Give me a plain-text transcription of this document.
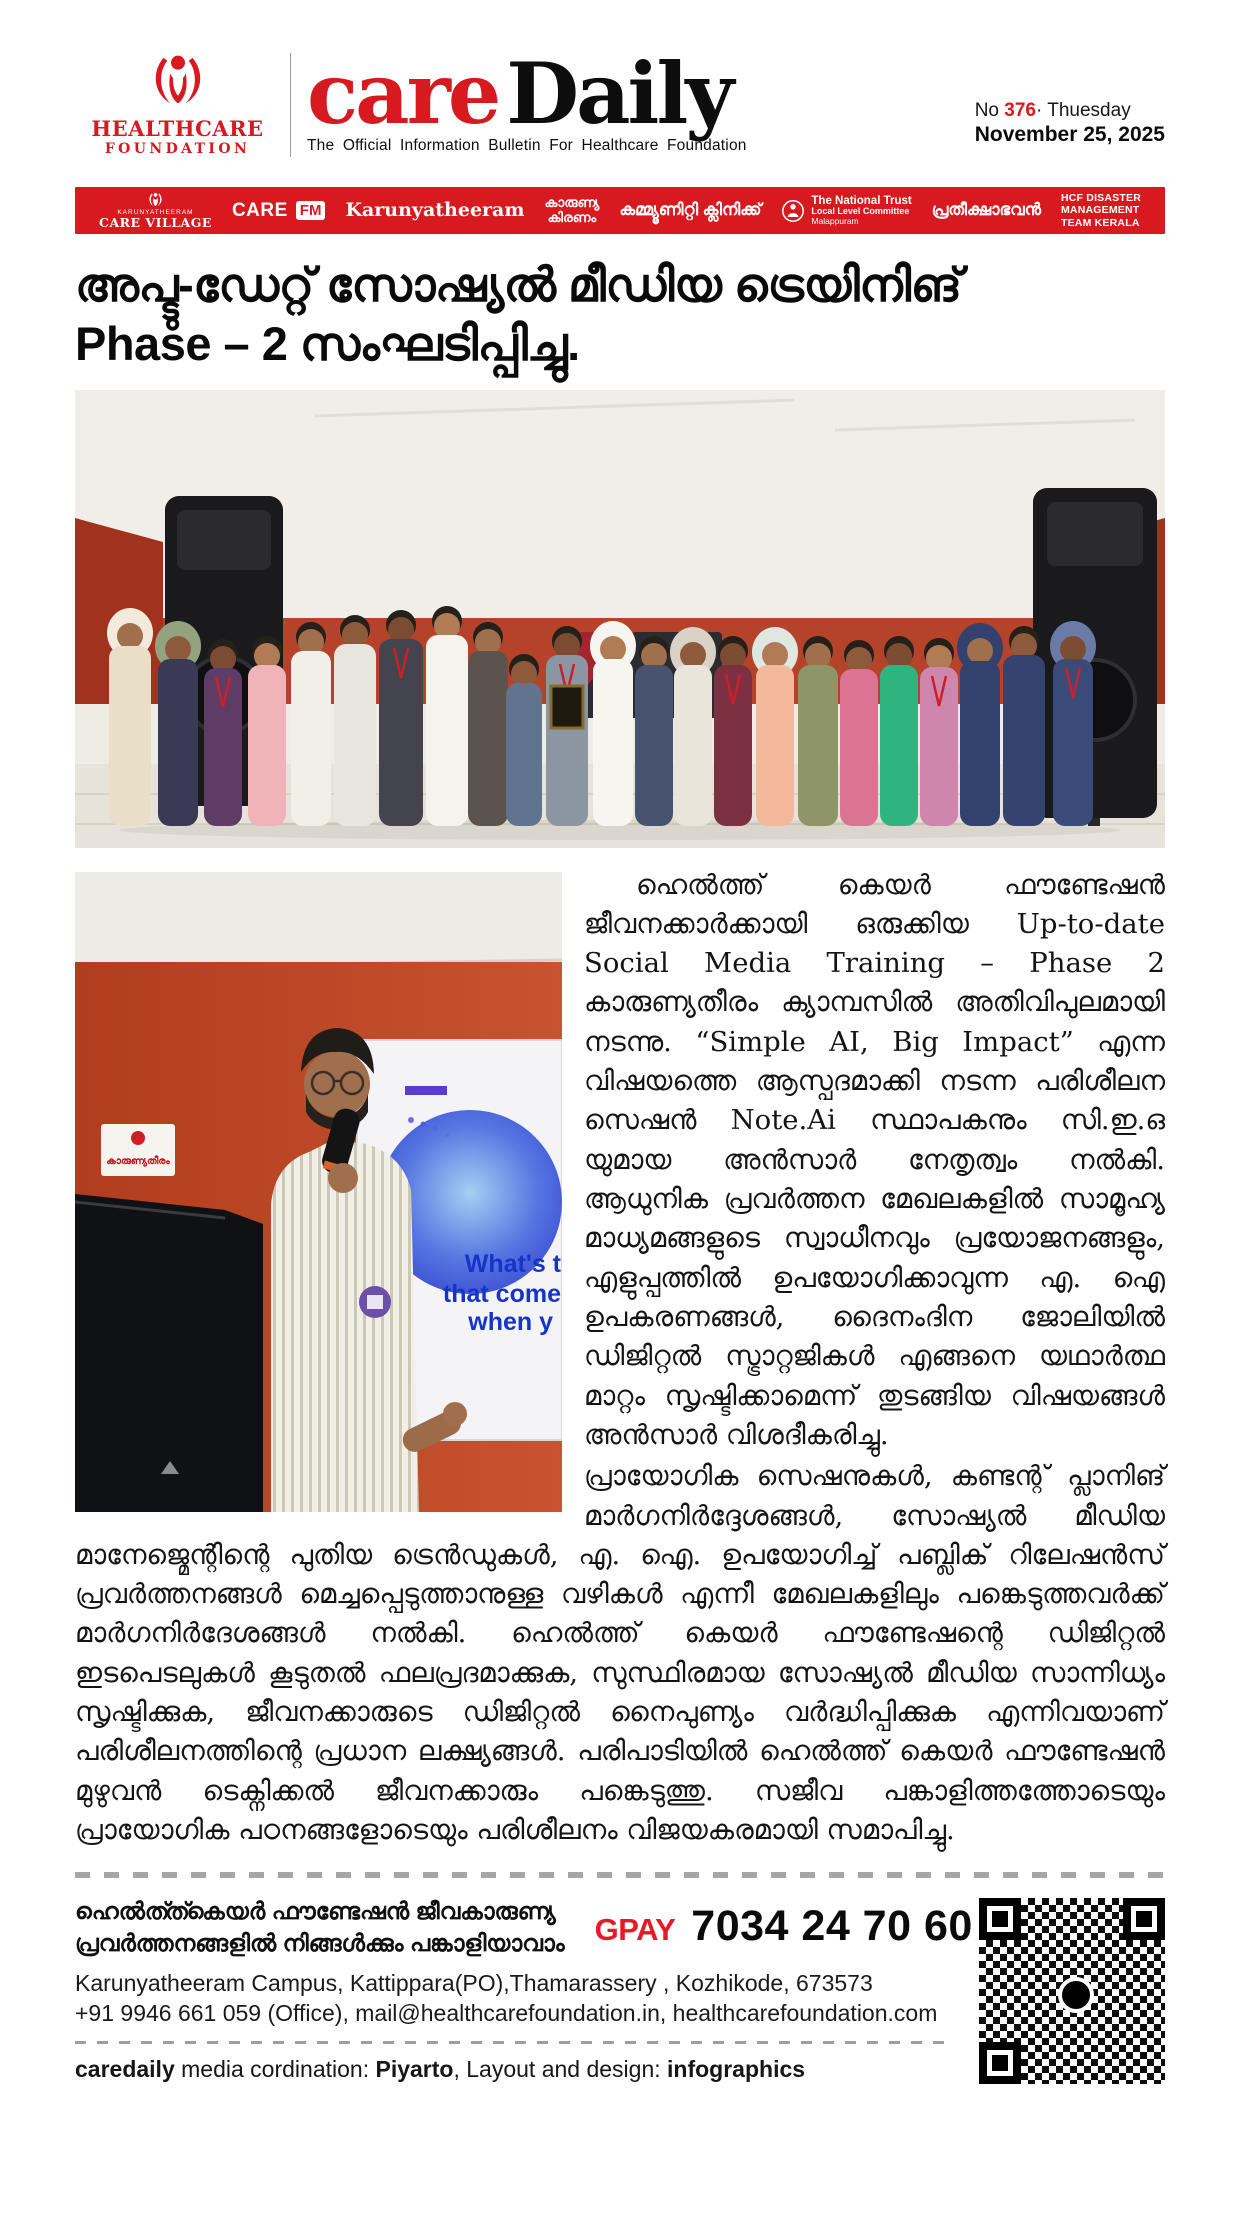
HEALTHCARE
FOUNDATION
careDaily
The Official Information Bulletin For Healthcare Foundation
No 376· Thuesday
November 25, 2025
KARUNYATHEERAM
CARE VILLAGE
CARE FM Karunyatheeram കാരുണ്യ
കിരണം കമ്മ്യൂണിറ്റി ക്ലിനിക്ക്
The National Trust
Local Level Committee
Malappuram
പ്രതീക്ഷാഭവൻ
HCF DISASTER
MANAGEMENT
TEAM KERALA
അപ്ടു-ഡേറ്റ് സോഷ്യൽ മീഡിയ ട്രെയിനിങ്
Phase – 2 സംഘടിപ്പിച്ചു.
What's t
that come
when y
കാരുണ്യതീരം

ഹെൽത്ത് കെയർ ഫൗണ്ടേഷൻ ജീവനക്കാർക്കായി ഒരുക്കിയ Up-to-date Social Media Training – Phase 2 കാരുണ്യതീരം ക്യാമ്പസിൽ അതിവിപുലമായി നടന്നു. “Simple AI, Big Impact” എന്ന വിഷയത്തെ ആസ്പദമാക്കി നടന്ന പരിശീലന സെഷൻ Note.Ai സ്ഥാപകനും സി.ഇ.ഒ യുമായ അൻസാർ നേതൃത്വം നൽകി. ആധുനിക പ്രവർത്തന മേഖലകളിൽ സാമൂഹ്യ മാധ്യമങ്ങളുടെ സ്വാധീനവും പ്രയോജനങ്ങളും, എളുപ്പത്തിൽ ഉപയോഗിക്കാവുന്ന എ. ഐ ഉപകരണങ്ങൾ, ദൈനംദിന ജോലിയിൽ ഡിജിറ്റൽ സ്ട്രാറ്റജികൾ എങ്ങനെ യഥാർത്ഥ മാറ്റം സൃഷ്ടിക്കാമെന്ന് തുടങ്ങിയ വിഷയങ്ങൾ അൻസാർ വിശദീകരിച്ചു.

പ്രായോഗിക സെഷനുകൾ, കണ്ടന്റ് പ്ലാനിങ് മാർഗനിർദ്ദേശങ്ങൾ, സോഷ്യൽ മീഡിയ മാനേജ്മെന്റിന്റെ പുതിയ ട്രെൻഡുകൾ, എ. ഐ. ഉപയോഗിച്ച് പബ്ലിക് റിലേഷൻസ് പ്രവർത്തനങ്ങൾ മെച്ചപ്പെടുത്താനുള്ള വഴികൾ എന്നീ മേഖലകളിലും പങ്കെടുത്തവർക്ക് മാർഗനിർദേശങ്ങൾ നൽകി. ഹെൽത്ത് കെയർ ഫൗണ്ടേഷന്റെ ഡിജിറ്റൽ ഇടപെടലുകൾ കൂടുതൽ ഫലപ്രദമാക്കുക, സുസ്ഥിരമായ സോഷ്യൽ മീഡിയ സാന്നിധ്യം സൃഷ്ടിക്കുക, ജീവനക്കാരുടെ ഡിജിറ്റൽ നൈപുണ്യം വർദ്ധിപ്പിക്കുക എന്നിവയാണ് പരിശീലനത്തിന്റെ പ്രധാന ലക്ഷ്യങ്ങൾ. പരിപാടിയിൽ ഹെൽത്ത് കെയർ ഫൗണ്ടേഷൻ മുഴുവൻ ടെക്നിക്കൽ ജീവനക്കാരും പങ്കെടുത്തു. സജീവ പങ്കാളിത്തത്തോടെയും പ്രായോഗിക പഠനങ്ങളോടെയും പരിശീലനം വിജയകരമായി സമാപിച്ചു.

ഹെൽത്ത്കെയർ ഫൗണ്ടേഷൻ ജീവകാരുണ്യ
പ്രവർത്തനങ്ങളിൽ നിങ്ങൾക്കും പങ്കാളിയാവാം GPAY 7034 24 70 60
Karunyatheeram Campus, Kattippara(PO),Thamarassery , Kozhikode, 673573
+91 9946 661 059 (Office), mail@healthcarefoundation.in, healthcarefoundation.com

caredaily media cordination: Piyarto, Layout and design: infographics
